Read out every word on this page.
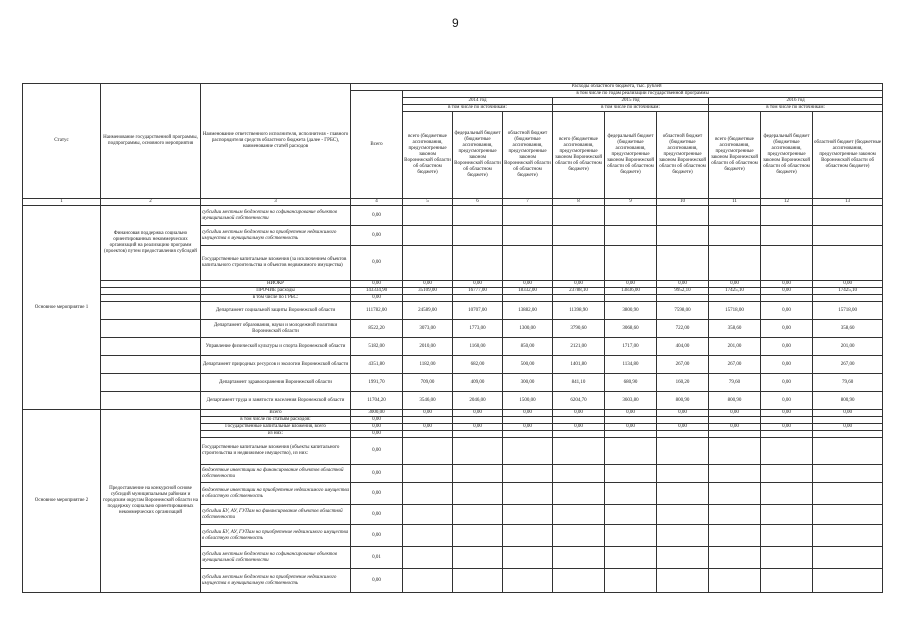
9
Статус	Наименование государственной программы, подпрограммы, основного мероприятия	Наименование ответственного исполнителя, исполнителя - главного распорядителя средств областного бюджета (далее - ГРБС), наименование статей расходов	Расходы областного бюджета, тыс. рублей									
			Всего	в том числе по годам реализации государственной программы								
				2014 год			2015 год			2016 год		
				в том числе по источникам:			в том числе по источникам:			в том числе по источникам:		
				всего (бюджетные ассигнования, предусмотренные законом Воронежской области об областном бюджете)	федеральный бюджет (бюджетные ассигнования, предусмотренные законом Воронежской области об областном бюджете)	областной бюджет (бюджетные ассигнования, предусмотренные законом Воронежской области об областном бюджете)	всего (бюджетные ассигнования, предусмотренные законом Воронежской области об областном бюджете)	федеральный бюджет (бюджетные ассигнования, предусмотренные законом Воронежской области об областном бюджете)	областной бюджет (бюджетные ассигнования, предусмотренные законом Воронежской области об областном бюджете)	всего (бюджетные ассигнования, предусмотренные законом Воронежской области об областном бюджете)	федеральный бюджет (бюджетные ассигнования, предусмотренные законом Воронежской области об областном бюджете)	областной бюджет (бюджетные ассигнования, предусмотренные законом Воронежской области об областном бюджете)
1	2	3	4	5	6	7	8	9	10	11	12	13
Основное мероприятие 1	Финансовая поддержка социально ориентированных некоммерческих организаций на реализацию программ (проектов) путем предоставления субсидий	субсидии местным бюджетам на софинансирование объектов муниципальной собственности	0,00									
		субсидии местным бюджетам на приобретение недвижимого имущества в муниципальную собственность	0,00									
		Государственные капитальные вложения (за исключением объектов капитального строительства и объектов недвижимого имущества)	0,00									
		НИОКР	0,00	0,00	0,00	0,00	0,00	0,00	0,00	0,00	0,00	0,00
		ПРОЧИЕ расходы	143334,90	35109,00	16777,00	18332,00	23788,10	13836,00	9952,10	17425,10	0,00	17425,10
		в том числе по ГРБС:	0,00									
		Департамент социальной защиты Воронежской области	111782,00	24589,00	10707,00	13882,00	11398,90	3800,90	7598,00	15718,00	0,00	15718,00
		Департамент образования, науки и молодежной политики Воронежской области	8522,20	3073,00	1773,00	1300,00	3790,60	3068,60	722,00	358,60	0,00	358,60
		Управление физической культуры и спорта Воронежской области	5182,00	2010,00	1160,00	850,00	2121,00	1717,00	404,00	201,00	0,00	201,00
		Департамент природных ресурсов и экологии Воронежской области	4351,80	1182,00	682,00	500,00	1401,80	1134,80	267,00	267,00	0,00	267,00
		Департамент здравоохранения Воронежской области	1991,70	709,00	409,00	300,00	841,10	680,90	160,20	79,60	0,00	79,60
		Департамент труда и занятости населения Воронежской области	11704,20	3546,00	2046,00	1500,00	6204,70	3603,80	800,90	800,90	0,00	800,90
Основное мероприятие 2	Предоставление на конкурсной основе субсидий муниципальным районам и городским округам Воронежской области на поддержку социально ориентированных некоммерческих организаций	Всего	3000,00	0,00	0,00	0,00	0,00	0,00	0,00	0,00	0,00	0,00
		в том числе по статьям расходов:	0,00									
		Государственные капитальные вложения, всего	0,00	0,00	0,00	0,00	0,00	0,00	0,00	0,00	0,00	0,00
		из них:	0,00									
		Государственные капитальные вложения (объекты капитального строительства и недвижимое имущество), из них:	0,00									
		бюджетные инвестиции на финансирование объектов областной собственности	0,00									
		бюджетные инвестиции на приобретение недвижимого имущества в областную собственность	0,00									
		субсидии БУ, АУ, ГУПам на финансирование объектов областной собственности	0,00									
		субсидии БУ, АУ, ГУПам на приобретение недвижимого имущества в областную собственность	0,00									
		субсидии местным бюджетам на софинансирование объектов муниципальной собственности	0,01									
		субсидии местным бюджетам на приобретение недвижимого имущества в муниципальную собственность	0,00									
